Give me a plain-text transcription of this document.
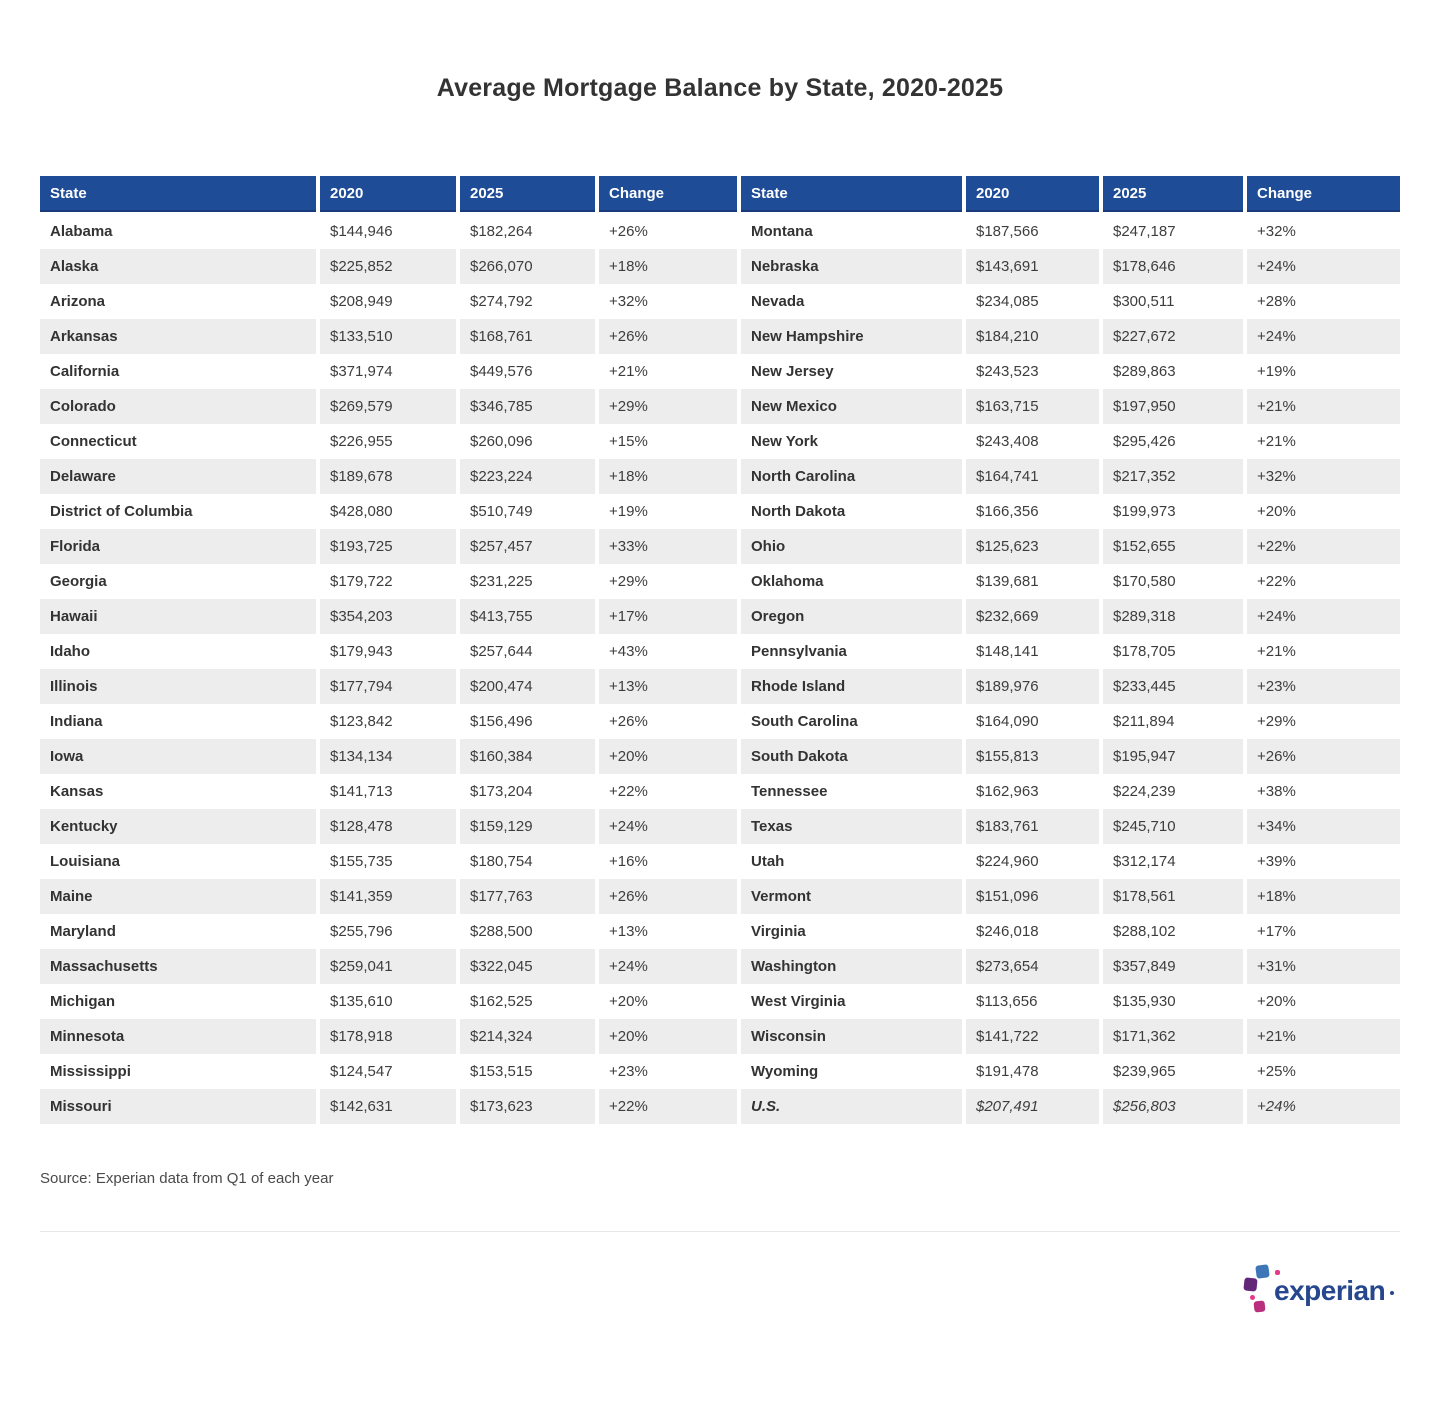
Average Mortgage Balance by State, 2020-2025
State	2020	2025	Change
Alabama	$144,946	$182,264	+26%
Alaska	$225,852	$266,070	+18%
Arizona	$208,949	$274,792	+32%
Arkansas	$133,510	$168,761	+26%
California	$371,974	$449,576	+21%
Colorado	$269,579	$346,785	+29%
Connecticut	$226,955	$260,096	+15%
Delaware	$189,678	$223,224	+18%
District of Columbia	$428,080	$510,749	+19%
Florida	$193,725	$257,457	+33%
Georgia	$179,722	$231,225	+29%
Hawaii	$354,203	$413,755	+17%
Idaho	$179,943	$257,644	+43%
Illinois	$177,794	$200,474	+13%
Indiana	$123,842	$156,496	+26%
Iowa	$134,134	$160,384	+20%
Kansas	$141,713	$173,204	+22%
Kentucky	$128,478	$159,129	+24%
Louisiana	$155,735	$180,754	+16%
Maine	$141,359	$177,763	+26%
Maryland	$255,796	$288,500	+13%
Massachusetts	$259,041	$322,045	+24%
Michigan	$135,610	$162,525	+20%
Minnesota	$178,918	$214,324	+20%
Mississippi	$124,547	$153,515	+23%
Missouri	$142,631	$173,623	+22%
State	2020	2025	Change
Montana	$187,566	$247,187	+32%
Nebraska	$143,691	$178,646	+24%
Nevada	$234,085	$300,511	+28%
New Hampshire	$184,210	$227,672	+24%
New Jersey	$243,523	$289,863	+19%
New Mexico	$163,715	$197,950	+21%
New York	$243,408	$295,426	+21%
North Carolina	$164,741	$217,352	+32%
North Dakota	$166,356	$199,973	+20%
Ohio	$125,623	$152,655	+22%
Oklahoma	$139,681	$170,580	+22%
Oregon	$232,669	$289,318	+24%
Pennsylvania	$148,141	$178,705	+21%
Rhode Island	$189,976	$233,445	+23%
South Carolina	$164,090	$211,894	+29%
South Dakota	$155,813	$195,947	+26%
Tennessee	$162,963	$224,239	+38%
Texas	$183,761	$245,710	+34%
Utah	$224,960	$312,174	+39%
Vermont	$151,096	$178,561	+18%
Virginia	$246,018	$288,102	+17%
Washington	$273,654	$357,849	+31%
West Virginia	$113,656	$135,930	+20%
Wisconsin	$141,722	$171,362	+21%
Wyoming	$191,478	$239,965	+25%
U.S.	$207,491	$256,803	+24%

Source: Experian data from Q1 of each year

experian
